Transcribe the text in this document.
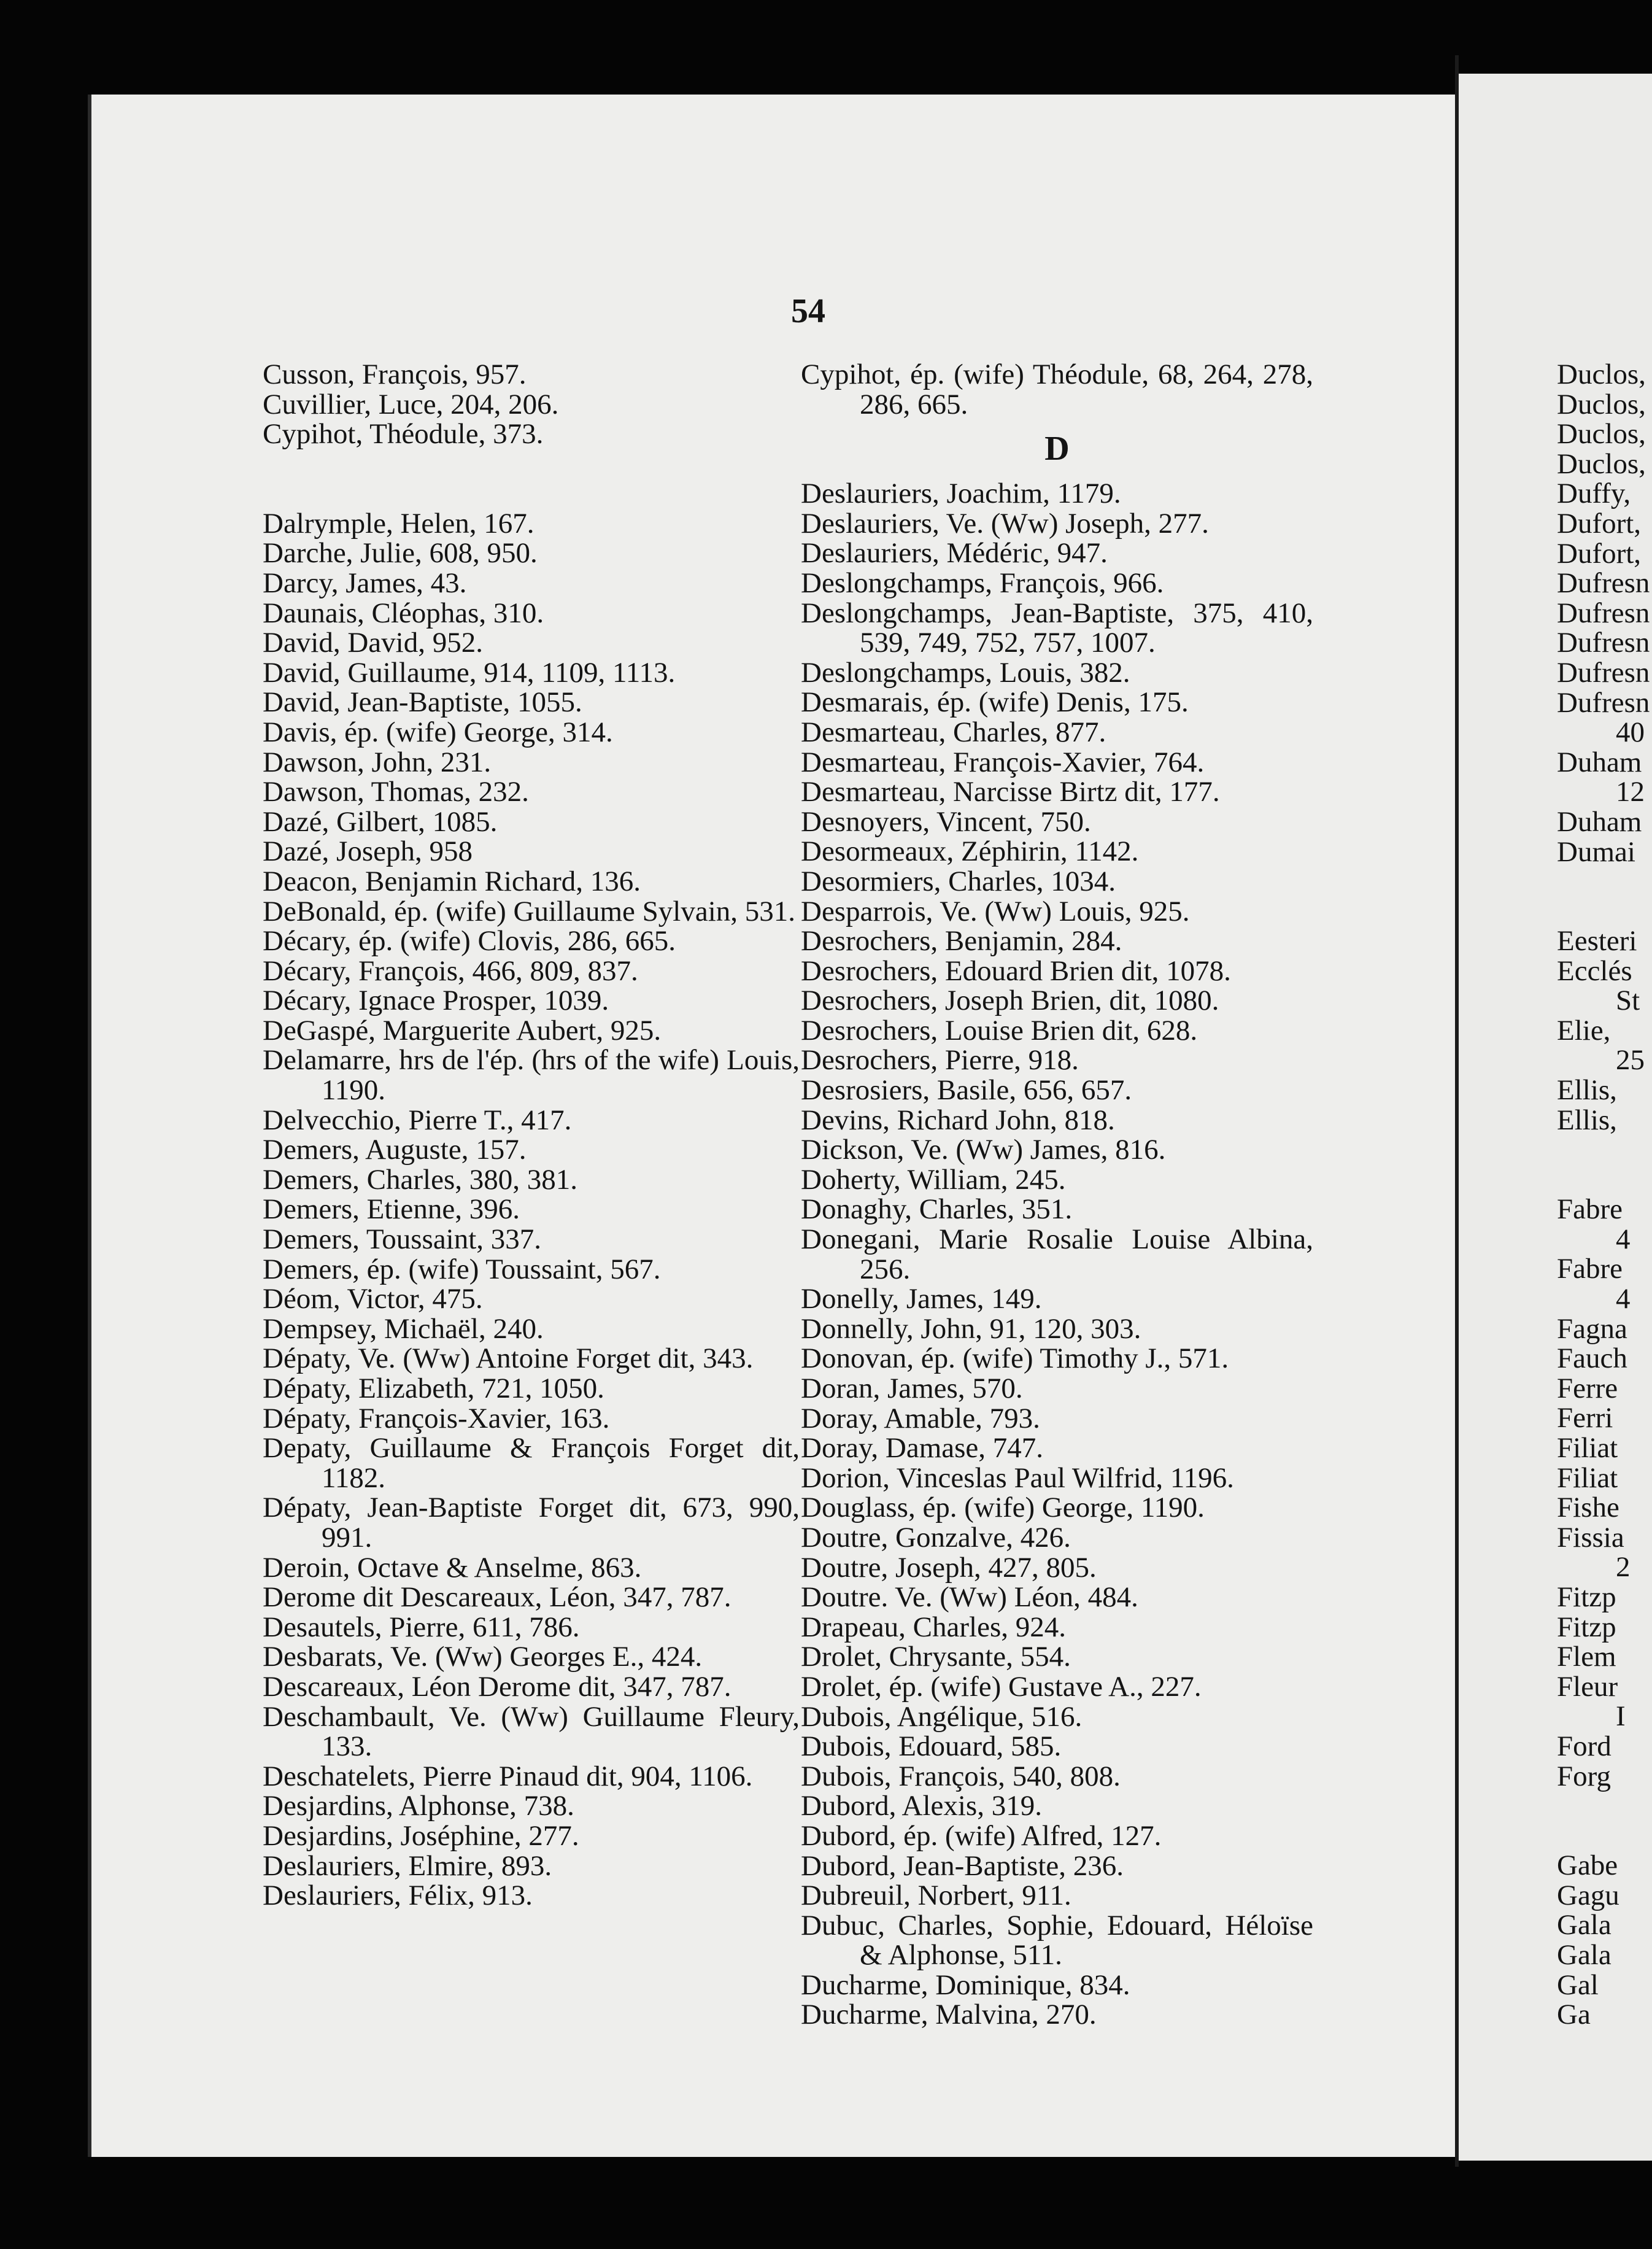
54
Cusson, François, 957.
Cuvillier, Luce, 204, 206.
Cypihot, Théodule, 373.
Dalrymple, Helen, 167.
Darche, Julie, 608, 950.
Darcy, James, 43.
Daunais, Cléophas, 310.
David, David, 952.
David, Guillaume, 914, 1109, 1113.
David, Jean-Baptiste, 1055.
Davis, ép. (wife) George, 314.
Dawson, John, 231.
Dawson, Thomas, 232.
Dazé, Gilbert, 1085.
Dazé, Joseph, 958
Deacon, Benjamin Richard, 136.
DeBonald, ép. (wife) Guillaume Sylvain, 531.
Décary, ép. (wife) Clovis, 286, 665.
Décary, François, 466, 809, 837.
Décary, Ignace Prosper, 1039.
DeGaspé, Marguerite Aubert, 925.
Delamarre, hrs de l'ép. (hrs of the wife) Louis, 1190.
Delvecchio, Pierre T., 417.
Demers, Auguste, 157.
Demers, Charles, 380, 381.
Demers, Etienne, 396.
Demers, Toussaint, 337.
Demers, ép. (wife) Toussaint, 567.
Déom, Victor, 475.
Dempsey, Michaël, 240.
Dépaty, Ve. (Ww) Antoine Forget dit, 343.
Dépaty, Elizabeth, 721, 1050.
Dépaty, François-Xavier, 163.
Depaty, Guillaume & François Forget dit, 1182.
Dépaty, Jean-Baptiste Forget dit, 673, 990, 991.
Deroin, Octave & Anselme, 863.
Derome dit Descareaux, Léon, 347, 787.
Desautels, Pierre, 611, 786.
Desbarats, Ve. (Ww) Georges E., 424.
Descareaux, Léon Derome dit, 347, 787.
Deschambault, Ve. (Ww) Guillaume Fleury, 133.
Deschatelets, Pierre Pinaud dit, 904, 1106.
Desjardins, Alphonse, 738.
Desjardins, Joséphine, 277.
Deslauriers, Elmire, 893.
Deslauriers, Félix, 913.
Cypihot, ép. (wife) Théodule, 68, 264, 278, 286, 665.
D
Deslauriers, Joachim, 1179.
Deslauriers, Ve. (Ww) Joseph, 277.
Deslauriers, Médéric, 947.
Deslongchamps, François, 966.
Deslongchamps, Jean-Baptiste, 375, 410, 539, 749, 752, 757, 1007.
Deslongchamps, Louis, 382.
Desmarais, ép. (wife) Denis, 175.
Desmarteau, Charles, 877.
Desmarteau, François-Xavier, 764.
Desmarteau, Narcisse Birtz dit, 177.
Desnoyers, Vincent, 750.
Desormeaux, Zéphirin, 1142.
Desormiers, Charles, 1034.
Desparrois, Ve. (Ww) Louis, 925.
Desrochers, Benjamin, 284.
Desrochers, Edouard Brien dit, 1078.
Desrochers, Joseph Brien, dit, 1080.
Desrochers, Louise Brien dit, 628.
Desrochers, Pierre, 918.
Desrosiers, Basile, 656, 657.
Devins, Richard John, 818.
Dickson, Ve. (Ww) James, 816.
Doherty, William, 245.
Donaghy, Charles, 351.
Donegani, Marie Rosalie Louise Albina, 256.
Donelly, James, 149.
Donnelly, John, 91, 120, 303.
Donovan, ép. (wife) Timothy J., 571.
Doran, James, 570.
Doray, Amable, 793.
Doray, Damase, 747.
Dorion, Vinceslas Paul Wilfrid, 1196.
Douglass, ép. (wife) George, 1190.
Doutre, Gonzalve, 426.
Doutre, Joseph, 427, 805.
Doutre. Ve. (Ww) Léon, 484.
Drapeau, Charles, 924.
Drolet, Chrysante, 554.
Drolet, ép. (wife) Gustave A., 227.
Dubois, Angélique, 516.
Dubois, Edouard, 585.
Dubois, François, 540, 808.
Dubord, Alexis, 319.
Dubord, ép. (wife) Alfred, 127.
Dubord, Jean-Baptiste, 236.
Dubreuil, Norbert, 911.
Dubuc, Charles, Sophie, Edouard, Héloïse & Alphonse, 511.
Ducharme, Dominique, 834.
Ducharme, Malvina, 270.
Duclos,
Duclos,
Duclos,
Duclos,
Duffy,
Dufort,
Dufort,
Dufresn
Dufresn
Dufresn
Dufresn
Dufresn
40
Duham
12
Duham
Dumai
Eesteri
Ecclés
St
Elie,
25
Ellis,
Ellis,
Fabre
4
Fabre
4
Fagna
Fauch
Ferre
Ferri
Filiat
Filiat
Fishe
Fissia
2
Fitzp
Fitzp
Flem
Fleur
I
Ford
Forg
Gabe
Gagu
Gala
Gala
Gal
Ga
